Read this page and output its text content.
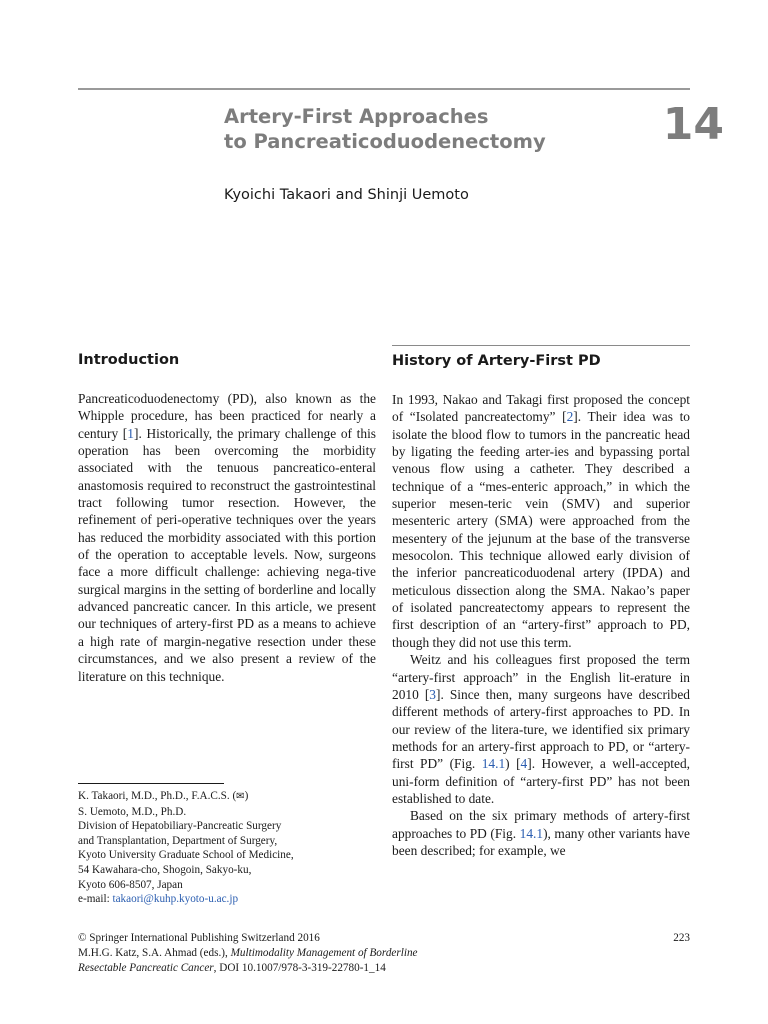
Artery-First Approaches
to Pancreaticoduodenectomy	14
Kyoichi Takaori and Shinji Uemoto
Introduction

Pancreaticoduodenectomy (PD), also known as the Whipple procedure, has been practiced for nearly a century [1]. Historically, the primary challenge of this operation has been overcoming the morbidity associated with the tenuous pancreatico-enteral anastomosis required to reconstruct the gastrointestinal tract following tumor resection. However, the refinement of peri-operative techniques over the years has reduced the morbidity associated with this portion of the operation to acceptable levels. Now, surgeons face a more difficult challenge: achieving nega-tive surgical margins in the setting of borderline and locally advanced pancreatic cancer. In this article, we present our techniques of artery-first PD as a means to achieve a high rate of margin-negative resection under these circumstances, and we also present a review of the literature on this technique.

History of Artery-First PD

In 1993, Nakao and Takagi first proposed the concept of “Isolated pancreatectomy” [2]. Their idea was to isolate the blood flow to tumors in the pancreatic head by ligating the feeding arter-ies and bypassing portal venous flow using a catheter. They described a technique of a “mes-enteric approach,” in which the superior mesen-teric vein (SMV) and superior mesenteric artery (SMA) were approached from the mesentery of the jejunum at the base of the transverse mesocolon. This technique allowed early division of the inferior pancreaticoduodenal artery (IPDA) and meticulous dissection along the SMA. Nakao’s paper of isolated pancreatectomy appears to represent the first description of an “artery-first” approach to PD, though they did not use this term.

Weitz and his colleagues first proposed the term “artery-first approach” in the English lit-erature in 2010 [3]. Since then, many surgeons have described different methods of artery-first approaches to PD. In our review of the litera-ture, we identified six primary methods for an artery-first approach to PD, or “artery-first PD” (Fig. 14.1) [4]. However, a well-accepted, uni-form definition of “artery-first PD” has not been established to date.

Based on the six primary methods of artery-first approaches to PD (Fig. 14.1), many other variants have been described; for example, we

K. Takaori, M.D., Ph.D., F.A.C.S. (✉)
S. Uemoto, M.D., Ph.D.
Division of Hepatobiliary-Pancreatic Surgery
and Transplantation, Department of Surgery,
Kyoto University Graduate School of Medicine,
54 Kawahara-cho, Shogoin, Sakyo-ku,
Kyoto 606-8507, Japan
e-mail: takaori@kuhp.kyoto-u.ac.jp
© Springer International Publishing Switzerland 2016
M.H.G. Katz, S.A. Ahmad (eds.), Multimodality Management of Borderline
Resectable Pancreatic Cancer, DOI 10.1007/978-3-319-22780-1_14
223
